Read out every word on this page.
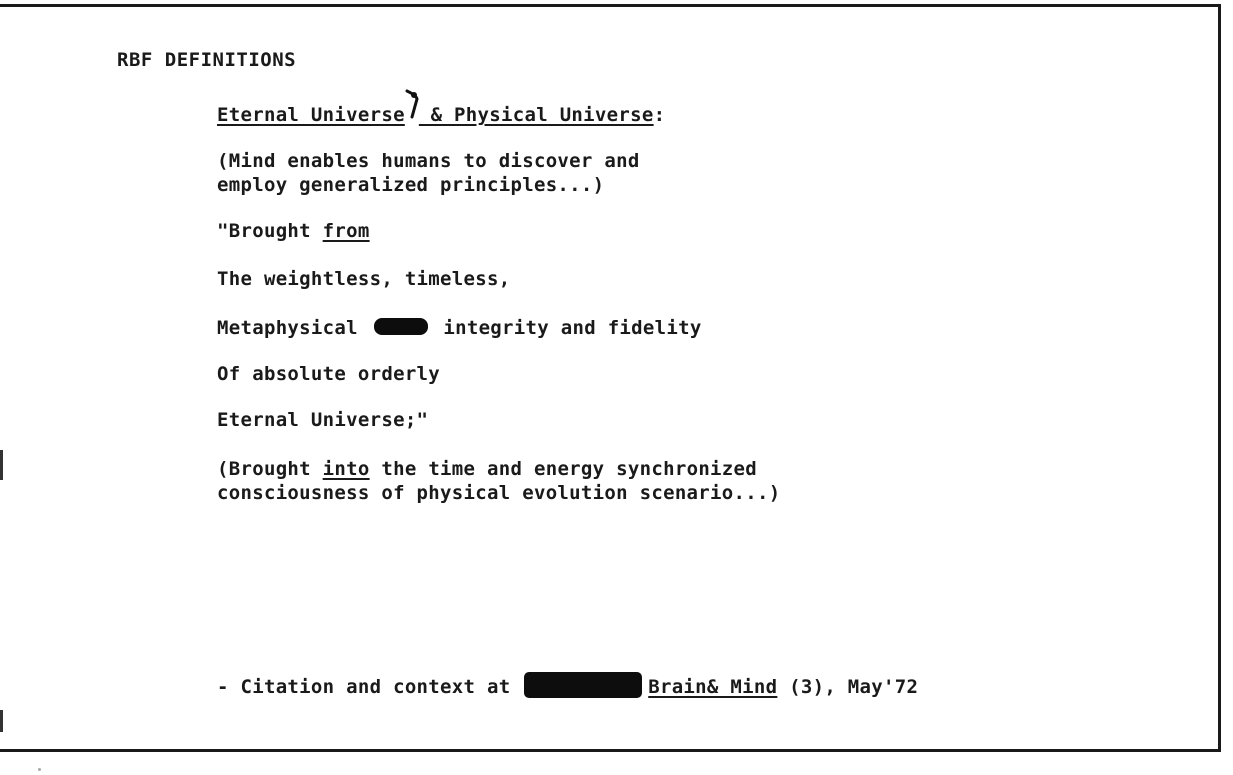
RBF DEFINITIONS
Eternal Universe
& Physical Universe:
(Mind enables humans to discover and
employ generalized principles...)
"Brought from
The weightless, timeless,
Metaphysical	integrity and fidelity
Of absolute orderly
Eternal Universe;"
(Brought into the time and energy synchronized
consciousness of physical evolution scenario...)
- Citation and context at	Brain& Mind (3), May'72
